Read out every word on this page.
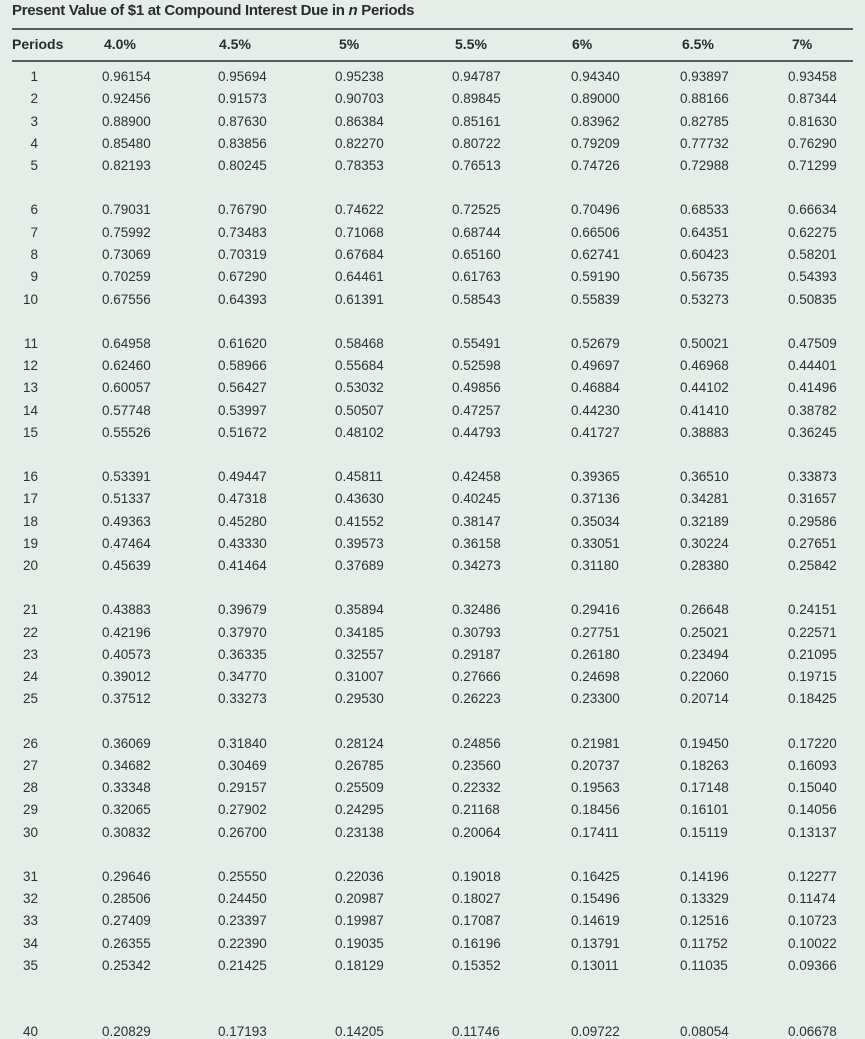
Present Value of $1 at Compound Interest Due in n Periods
Periods	4.0%	4.5%	5%	5.5%	6%	6.5%	7%
1	0.96154	0.95694	0.95238	0.94787	0.94340	0.93897	0.93458
2	0.92456	0.91573	0.90703	0.89845	0.89000	0.88166	0.87344
3	0.88900	0.87630	0.86384	0.85161	0.83962	0.82785	0.81630
4	0.85480	0.83856	0.82270	0.80722	0.79209	0.77732	0.76290
5	0.82193	0.80245	0.78353	0.76513	0.74726	0.72988	0.71299
6	0.79031	0.76790	0.74622	0.72525	0.70496	0.68533	0.66634
7	0.75992	0.73483	0.71068	0.68744	0.66506	0.64351	0.62275
8	0.73069	0.70319	0.67684	0.65160	0.62741	0.60423	0.58201
9	0.70259	0.67290	0.64461	0.61763	0.59190	0.56735	0.54393
10	0.67556	0.64393	0.61391	0.58543	0.55839	0.53273	0.50835
11	0.64958	0.61620	0.58468	0.55491	0.52679	0.50021	0.47509
12	0.62460	0.58966	0.55684	0.52598	0.49697	0.46968	0.44401
13	0.60057	0.56427	0.53032	0.49856	0.46884	0.44102	0.41496
14	0.57748	0.53997	0.50507	0.47257	0.44230	0.41410	0.38782
15	0.55526	0.51672	0.48102	0.44793	0.41727	0.38883	0.36245
16	0.53391	0.49447	0.45811	0.42458	0.39365	0.36510	0.33873
17	0.51337	0.47318	0.43630	0.40245	0.37136	0.34281	0.31657
18	0.49363	0.45280	0.41552	0.38147	0.35034	0.32189	0.29586
19	0.47464	0.43330	0.39573	0.36158	0.33051	0.30224	0.27651
20	0.45639	0.41464	0.37689	0.34273	0.31180	0.28380	0.25842
21	0.43883	0.39679	0.35894	0.32486	0.29416	0.26648	0.24151
22	0.42196	0.37970	0.34185	0.30793	0.27751	0.25021	0.22571
23	0.40573	0.36335	0.32557	0.29187	0.26180	0.23494	0.21095
24	0.39012	0.34770	0.31007	0.27666	0.24698	0.22060	0.19715
25	0.37512	0.33273	0.29530	0.26223	0.23300	0.20714	0.18425
26	0.36069	0.31840	0.28124	0.24856	0.21981	0.19450	0.17220
27	0.34682	0.30469	0.26785	0.23560	0.20737	0.18263	0.16093
28	0.33348	0.29157	0.25509	0.22332	0.19563	0.17148	0.15040
29	0.32065	0.27902	0.24295	0.21168	0.18456	0.16101	0.14056
30	0.30832	0.26700	0.23138	0.20064	0.17411	0.15119	0.13137
31	0.29646	0.25550	0.22036	0.19018	0.16425	0.14196	0.12277
32	0.28506	0.24450	0.20987	0.18027	0.15496	0.13329	0.11474
33	0.27409	0.23397	0.19987	0.17087	0.14619	0.12516	0.10723
34	0.26355	0.22390	0.19035	0.16196	0.13791	0.11752	0.10022
35	0.25342	0.21425	0.18129	0.15352	0.13011	0.11035	0.09366
40	0.20829	0.17193	0.14205	0.11746	0.09722	0.08054	0.06678
